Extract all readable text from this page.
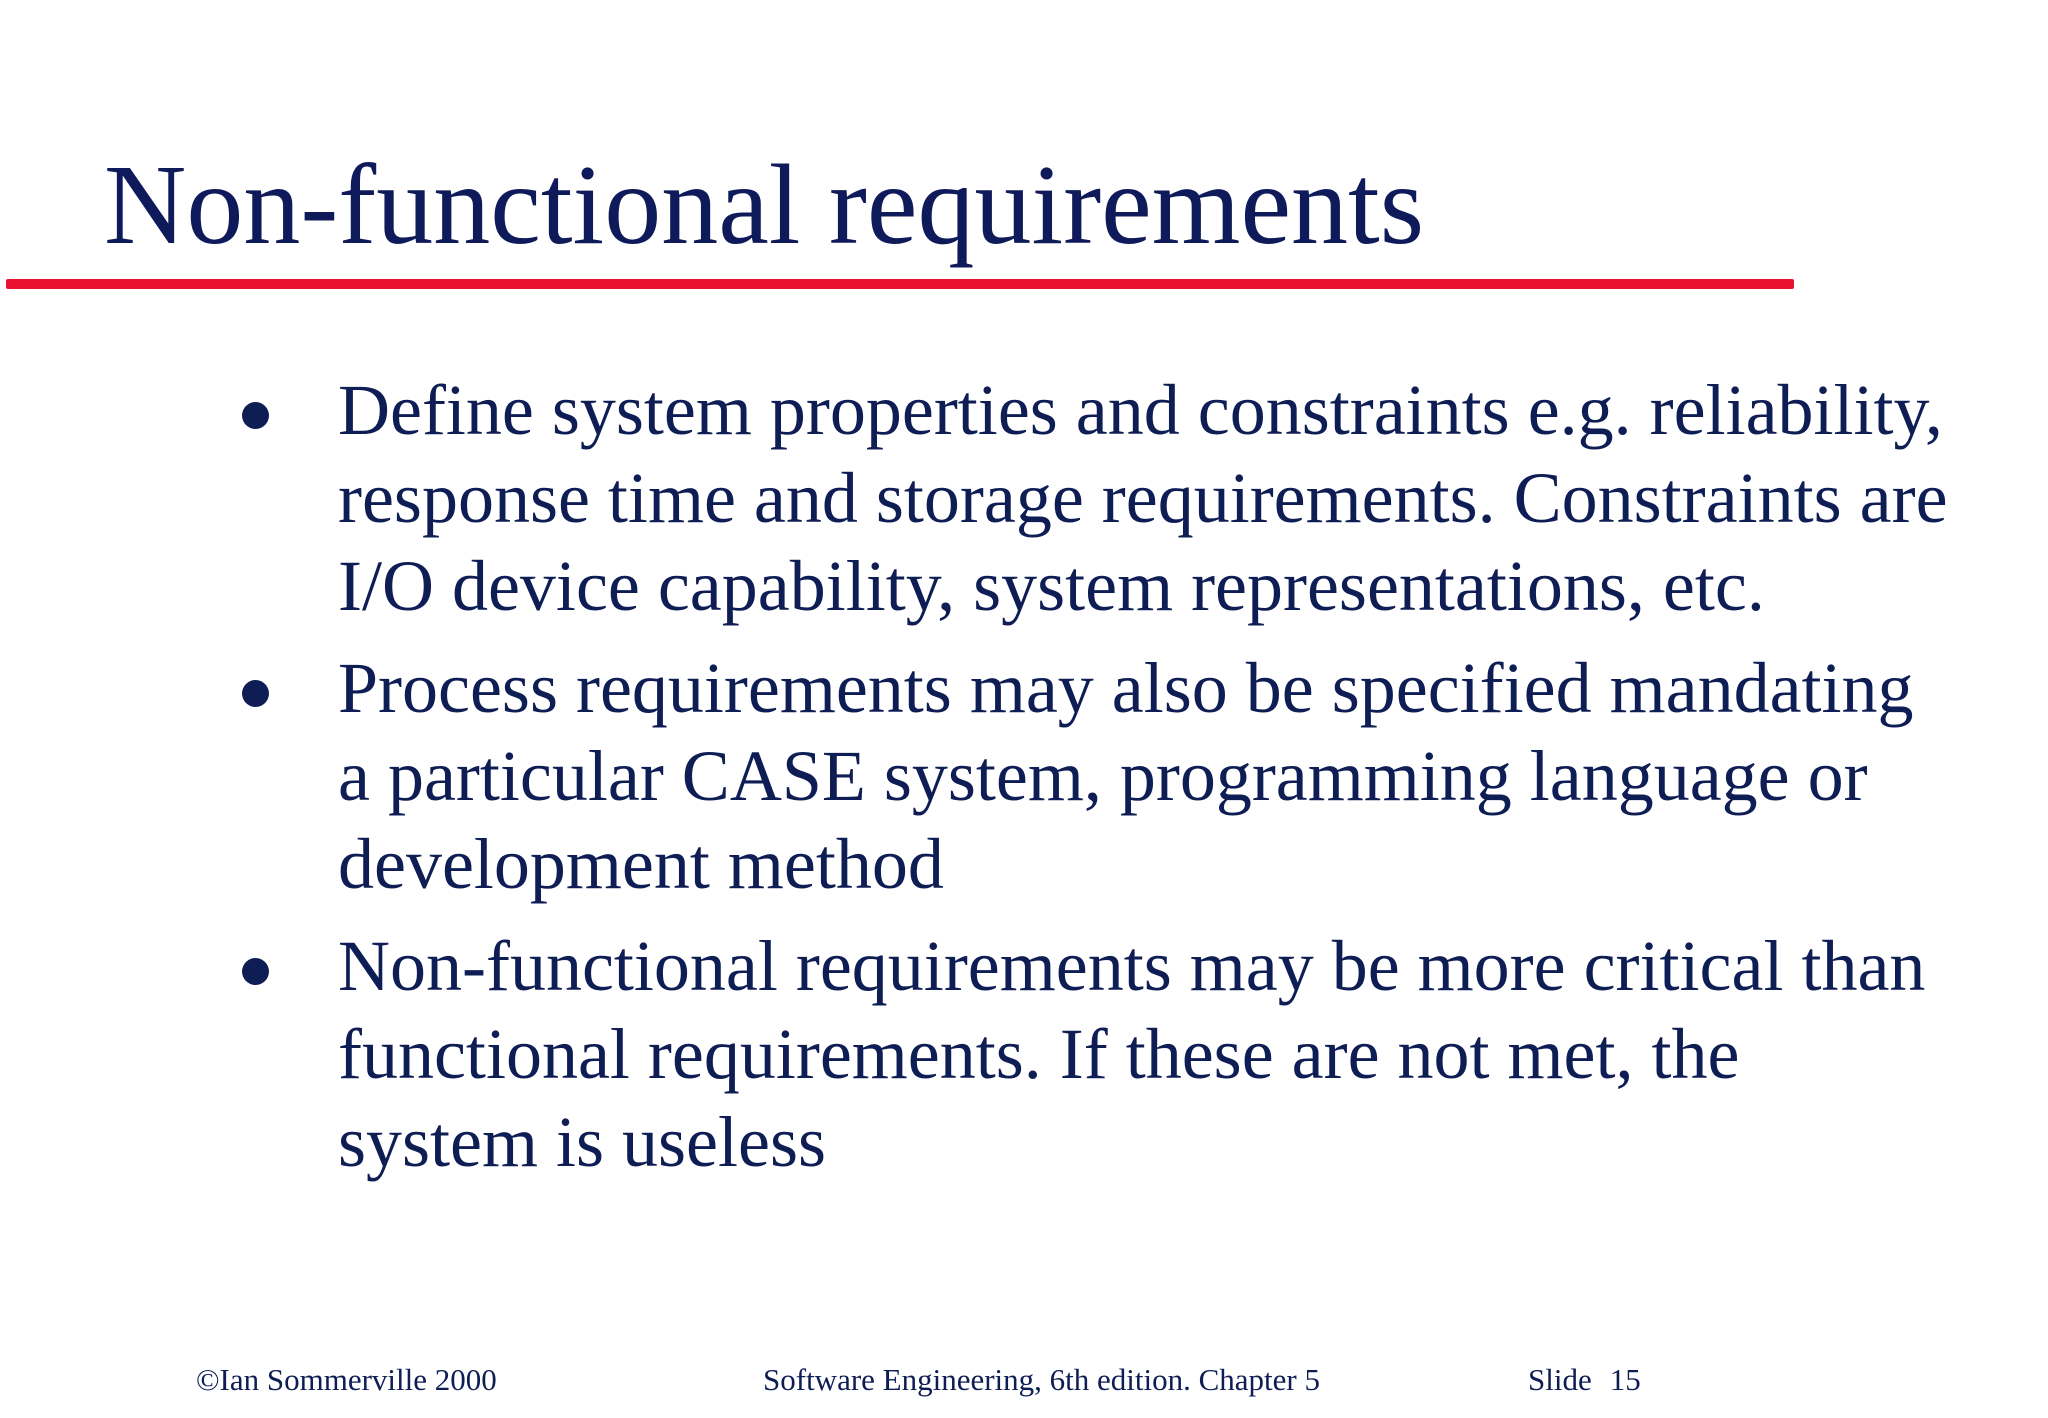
Non-functional requirements
Define system properties and constraints e.g. reliability,
response time and storage requirements. Constraints are
I/O device capability, system representations, etc.
Process requirements may also be specified mandating
a particular CASE system, programming language or
development method
Non-functional requirements may be more critical than
functional requirements. If these are not met, the
system is useless
©Ian Sommerville 2000	Software Engineering, 6th edition. Chapter 5	Slide 15
